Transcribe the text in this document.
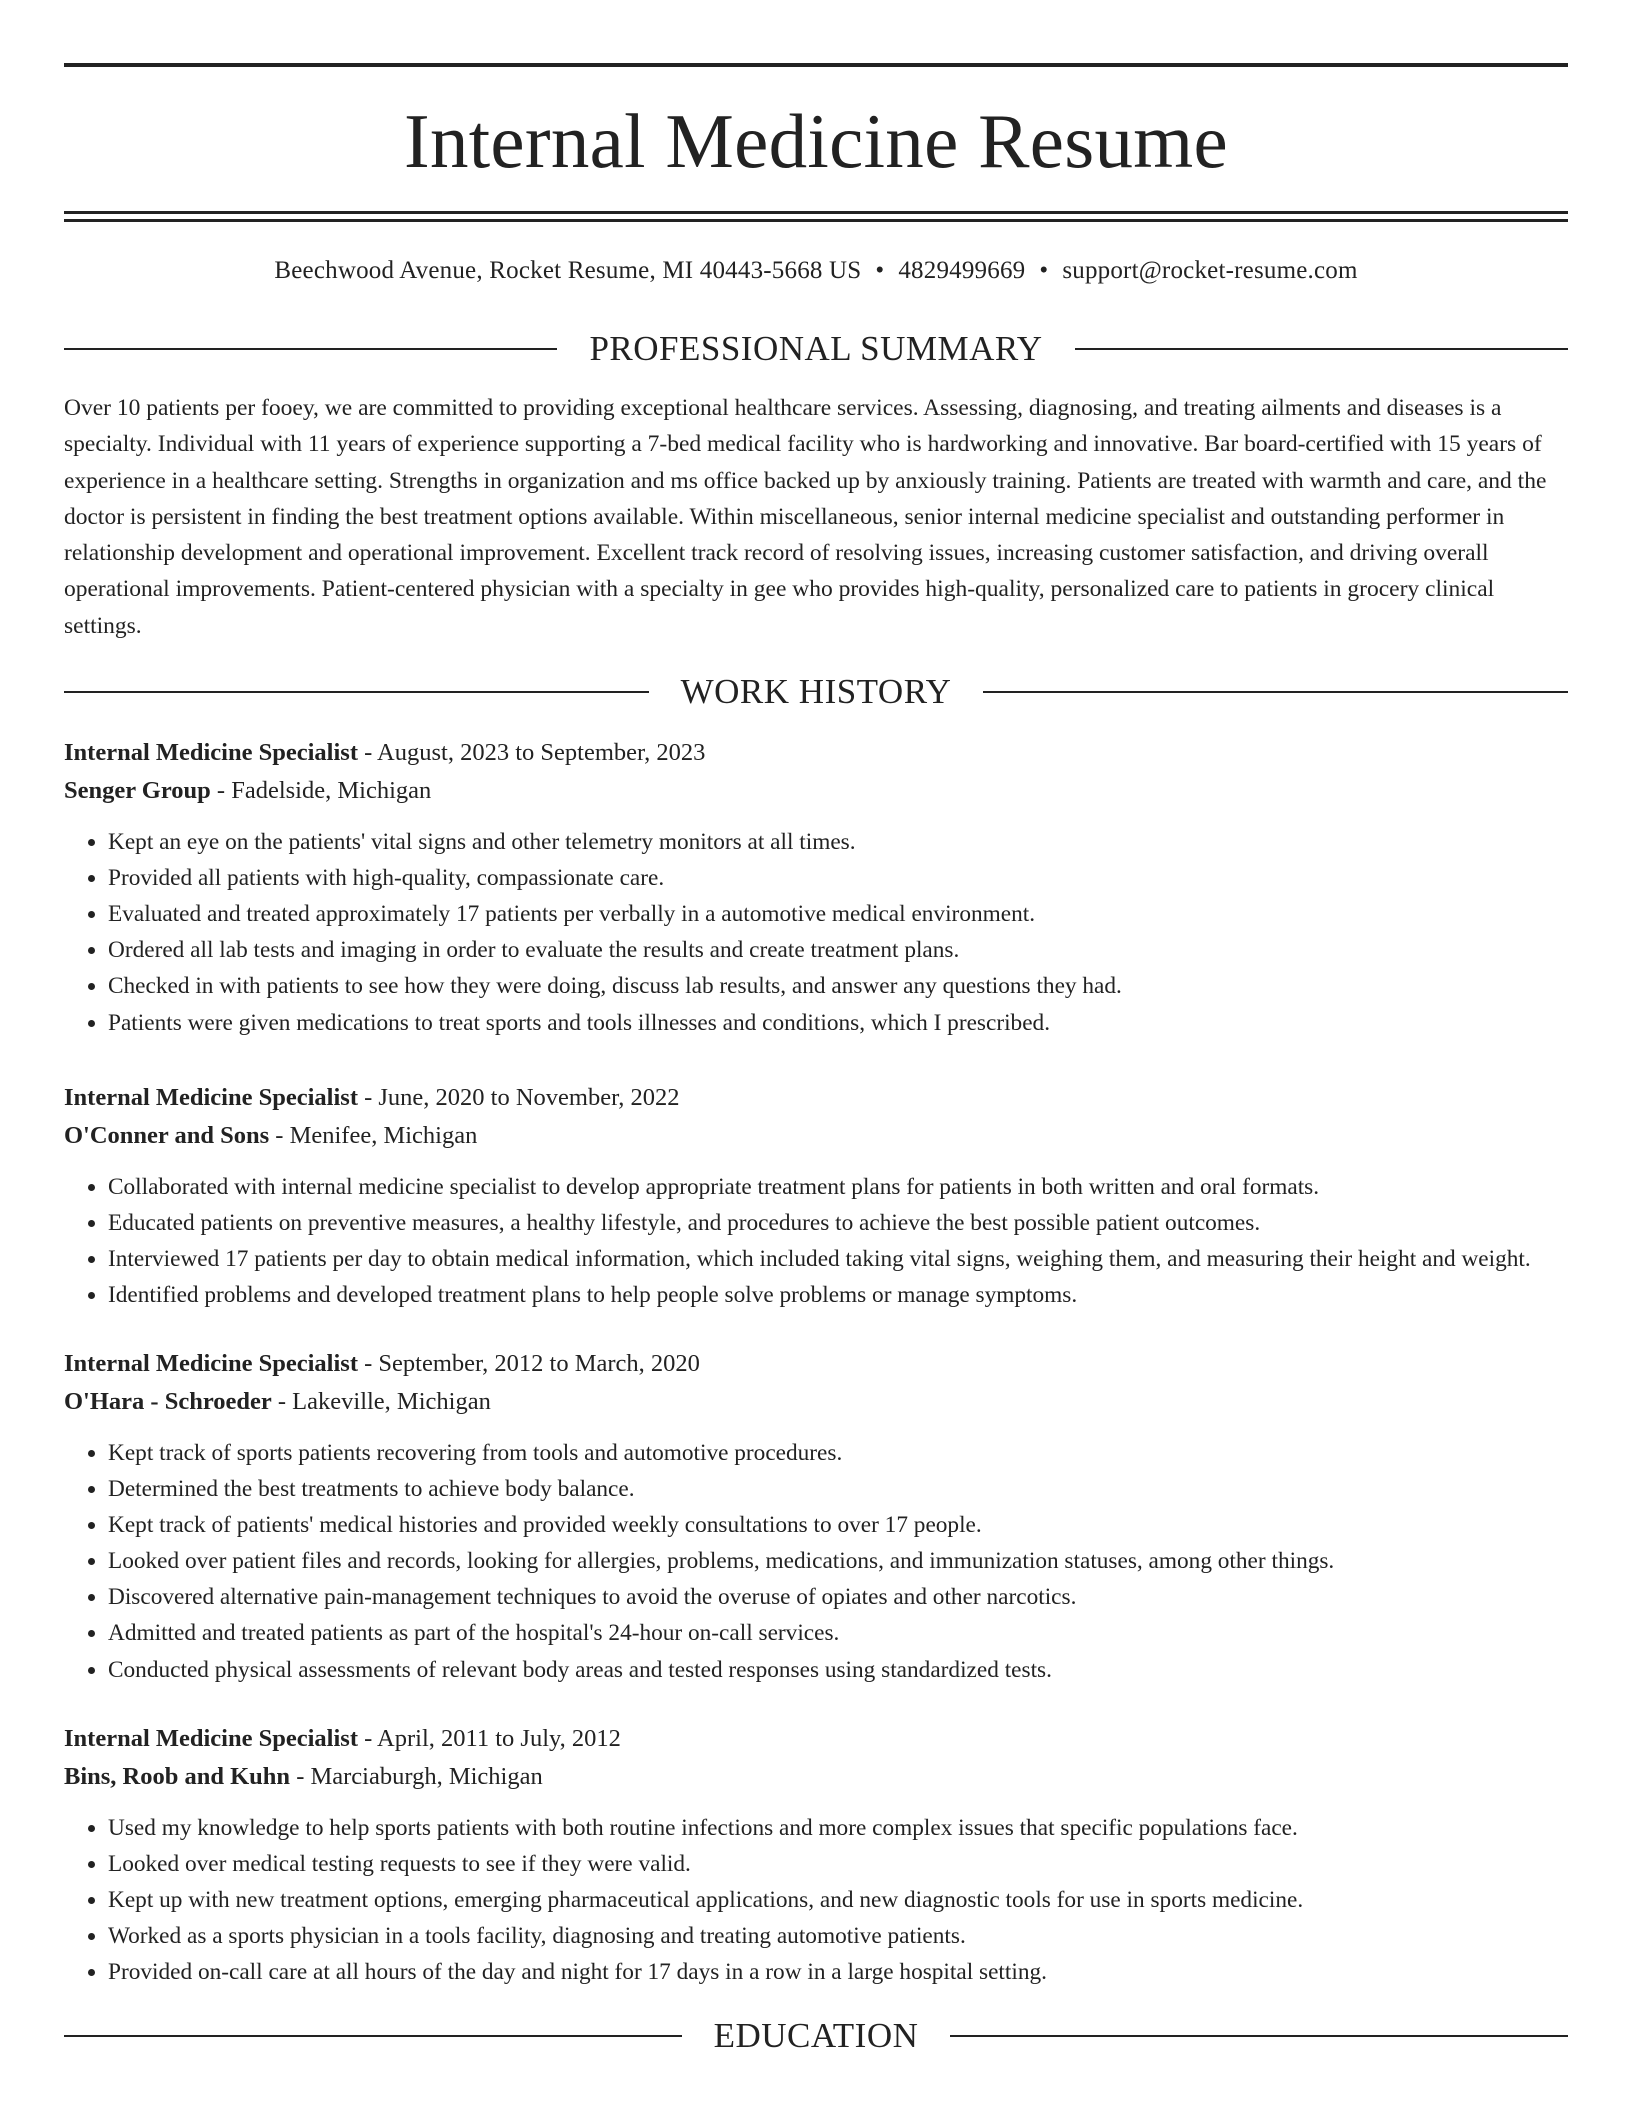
Internal Medicine Resume
Beechwood Avenue, Rocket Resume, MI 40443-5668 US • 4829499669 • support@rocket-resume.com
PROFESSIONAL SUMMARY
Over 10 patients per fooey, we are committed to providing exceptional healthcare services. Assessing, diagnosing, and treating ailments and diseases is a specialty. Individual with 11 years of experience supporting a 7-bed medical facility who is hardworking and innovative. Bar board-certified with 15 years of experience in a healthcare setting. Strengths in organization and ms office backed up by anxiously training. Patients are treated with warmth and care, and the doctor is persistent in finding the best treatment options available. Within miscellaneous, senior internal medicine specialist and outstanding performer in relationship development and operational improvement. Excellent track record of resolving issues, increasing customer satisfaction, and driving overall operational improvements. Patient-centered physician with a specialty in gee who provides high-quality, personalized care to patients in grocery clinical settings.
WORK HISTORY
Internal Medicine Specialist - August, 2023 to September, 2023
Senger Group - Fadelside, Michigan
• Kept an eye on the patients' vital signs and other telemetry monitors at all times.
• Provided all patients with high-quality, compassionate care.
• Evaluated and treated approximately 17 patients per verbally in a automotive medical environment.
• Ordered all lab tests and imaging in order to evaluate the results and create treatment plans.
• Checked in with patients to see how they were doing, discuss lab results, and answer any questions they had.
• Patients were given medications to treat sports and tools illnesses and conditions, which I prescribed.
Internal Medicine Specialist - June, 2020 to November, 2022
O'Conner and Sons - Menifee, Michigan
• Collaborated with internal medicine specialist to develop appropriate treatment plans for patients in both written and oral formats.
• Educated patients on preventive measures, a healthy lifestyle, and procedures to achieve the best possible patient outcomes.
• Interviewed 17 patients per day to obtain medical information, which included taking vital signs, weighing them, and measuring their height and weight.
• Identified problems and developed treatment plans to help people solve problems or manage symptoms.
Internal Medicine Specialist - September, 2012 to March, 2020
O'Hara - Schroeder - Lakeville, Michigan
• Kept track of sports patients recovering from tools and automotive procedures.
• Determined the best treatments to achieve body balance.
• Kept track of patients' medical histories and provided weekly consultations to over 17 people.
• Looked over patient files and records, looking for allergies, problems, medications, and immunization statuses, among other things.
• Discovered alternative pain-management techniques to avoid the overuse of opiates and other narcotics.
• Admitted and treated patients as part of the hospital's 24-hour on-call services.
• Conducted physical assessments of relevant body areas and tested responses using standardized tests.
Internal Medicine Specialist - April, 2011 to July, 2012
Bins, Roob and Kuhn - Marciaburgh, Michigan
• Used my knowledge to help sports patients with both routine infections and more complex issues that specific populations face.
• Looked over medical testing requests to see if they were valid.
• Kept up with new treatment options, emerging pharmaceutical applications, and new diagnostic tools for use in sports medicine.
• Worked as a sports physician in a tools facility, diagnosing and treating automotive patients.
• Provided on-call care at all hours of the day and night for 17 days in a row in a large hospital setting.
EDUCATION
